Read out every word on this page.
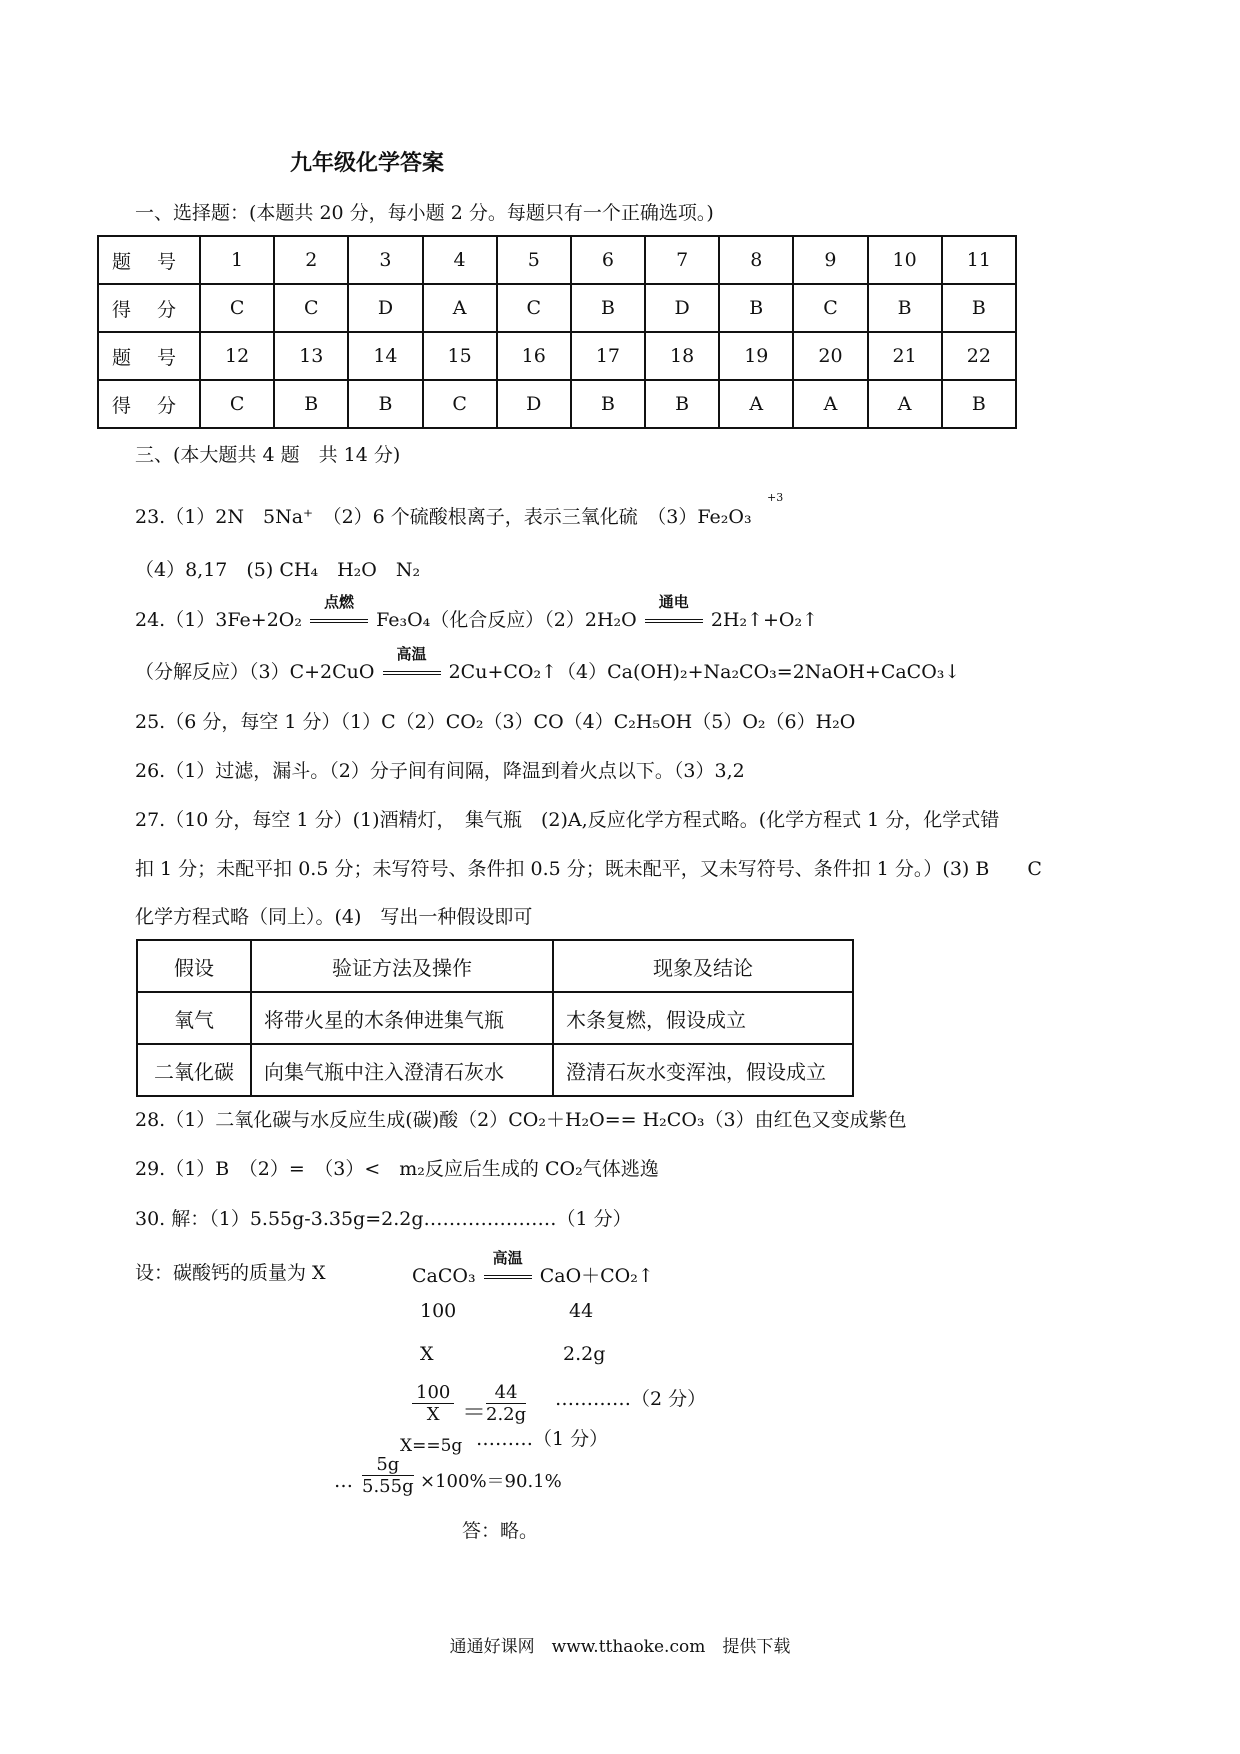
九年级化学答案
一、选择题：(本题共 20 分，每小题 2 分。每题只有一个正确选项。)
题 号	1	2	3	4	5	6	7	8	9	10	11
得 分	C	C	D	A	C	B	D	B	C	B	B
题 号	12	13	14	15	16	17	18	19	20	21	22
得 分	C	B	B	C	D	B	B	A	A	A	B
三、(本大题共 4 题　共 14 分)
+3
23.（1）2N　5Na⁺　（2）6 个硫酸根离子，表示三氧化硫　（3）Fe₂O₃
（4）8,17　(5) CH₄　H₂O　N₂
24.（1）3Fe+2O₂
点燃
Fe₃O₄（化合反应）（2）2H₂O
通电
2H₂↑+O₂↑
（分解反应）（3）C+2CuO
高温
2Cu+CO₂↑（4）Ca(OH)₂+Na₂CO₃=2NaOH+CaCO₃↓
25.（6 分，每空 1 分）（1）C（2）CO₂（3）CO（4）C₂H₅OH（5）O₂（6）H₂O
26.（1）过滤，漏斗。（2）分子间有间隔，降温到着火点以下。（3）3,2
27.（10 分，每空 1 分）(1)酒精灯，　集气瓶　(2)A,反应化学方程式略。(化学方程式 1 分，化学式错
扣 1 分；未配平扣 0.5 分；未写符号、条件扣 0.5 分；既未配平，又未写符号、条件扣 1 分。）(3) B　　C
化学方程式略（同上）。(4)　写出一种假设即可
假设	验证方法及操作	现象及结论
氧气	将带火星的木条伸进集气瓶	木条复燃，假设成立
二氧化碳	向集气瓶中注入澄清石灰水	澄清石灰水变浑浊，假设成立
28.（1）二氧化碳与水反应生成(碳)酸（2）CO₂＋H₂O== H₂CO₃（3）由红色又变成紫色
29.（1）B　（2）=　（3）<　m₂反应后生成的 CO₂气体逃逸
30. 解：（1）5.55g-3.35g=2.2g…………………（1 分）
设：碳酸钙的质量为 X	CaCO₃
高温
CaO＋CO₂↑
100	44
X	2.2g
$\frac{100}{X} = \frac{44}{2.2g}$ …………（2 分）
………（1 分）
X==5g
… $\frac{5g}{5.55g} \times 100\%=90.1\%$
答：略。
通通好课网　www.tthaoke.com　提供下载
